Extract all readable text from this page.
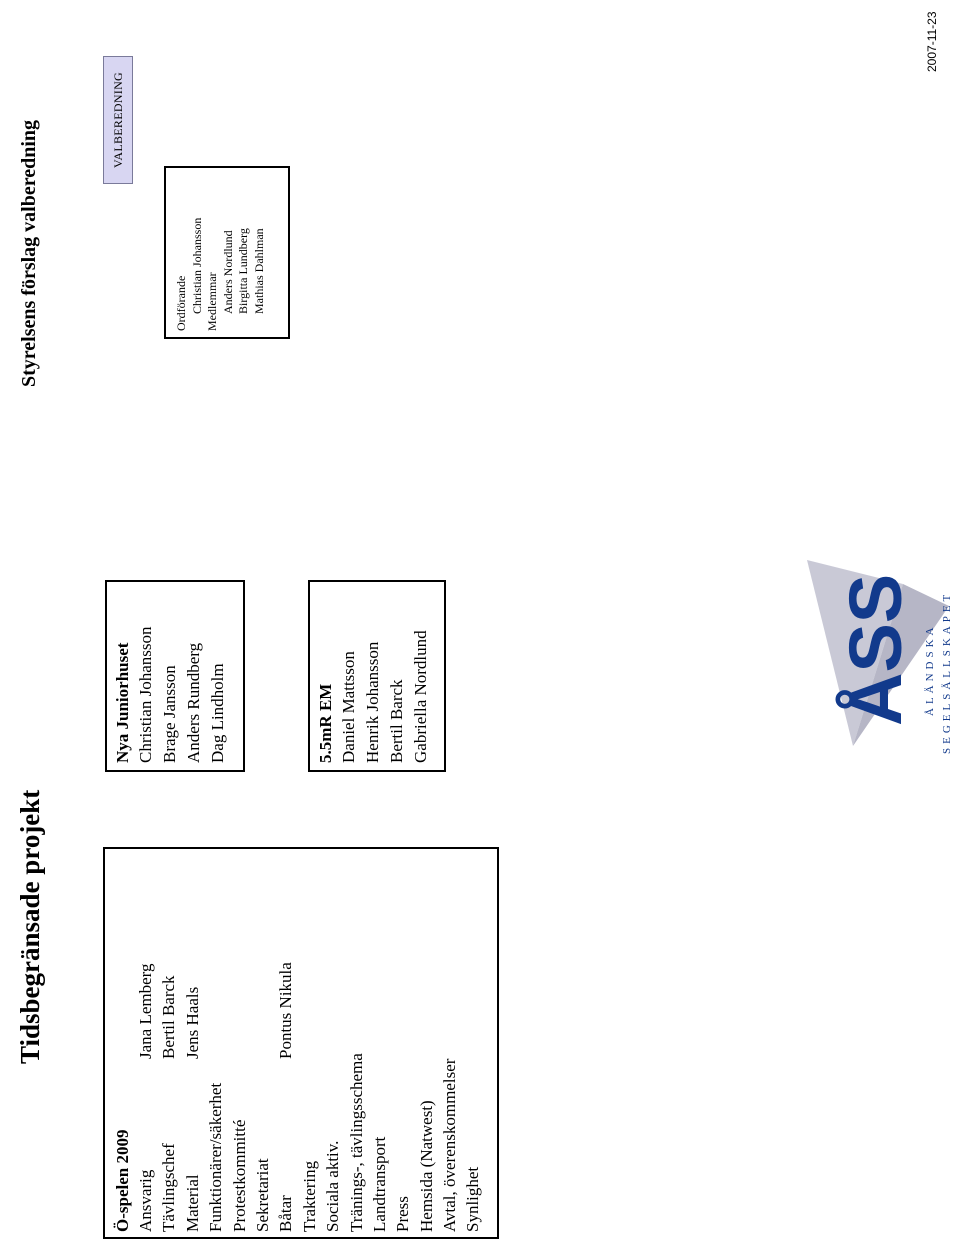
Tidsbegränsade projekt
Styrelsens förslag valberedning
Ö-spelen 2009 Ansvarig
Jana Lemberg
Tävlingschef
Bertil Barck
Material
Jens Haals
Funktionärer/säkerhet Protestkommitté Sekretariat Båtar
Pontus Nikula
Traktering Sociala aktiv. Tränings-, tävlingsschema Landtransport Press Hemsida (Natwest) Avtal, överenskommelser Synlighet
Nya Juniorhuset Christian Johansson Brage Jansson Anders Rundberg Dag Lindholm	5.5mR EM Daniel Mattsson Henrik Johansson Bertil Barck Gabriella Nordlund
VALBEREDNING
Ordförande Christian Johansson Medlemmar Anders Nordlund Birgitta Lundberg Mathias Dahlman
ÅSS ÅLÄNDSKA SEGELSÄLLSKAPET
2007-11-23
